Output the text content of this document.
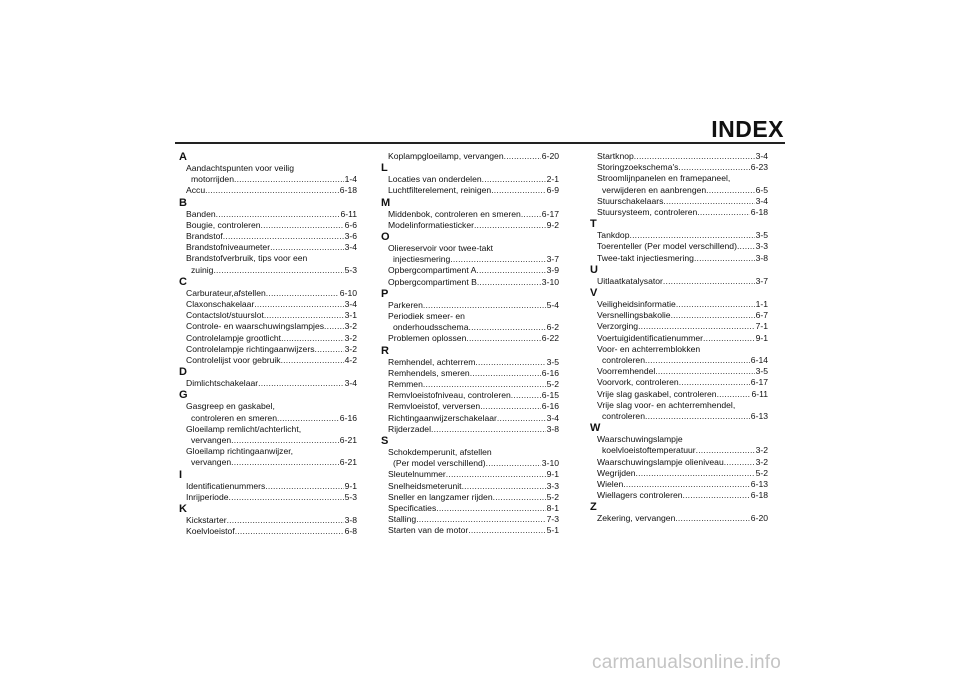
INDEX
A
Aandachtspunten voor veilig
motorrijden .....	1-4
Accu .....	6-18
B
Banden .....	6-11
Bougie, controleren .....	6-6
Brandstof .....	3-6
Brandstofniveaumeter .....	3-4
Brandstofverbruik, tips voor een
zuinig .....	5-3
C
Carburateur,afstellen .....	6-10
Claxonschakelaar .....	3-4
Contactslot/stuurslot .....	3-1
Controle- en waarschuwingslampjes ..... 3-2
Controlelampje grootlicht .....	3-2
Controlelampje richtingaanwijzers .....	3-2
Controlelijst voor gebruik .....	4-2
D
Dimlichtschakelaar .....	3-4
G
Gasgreep en gaskabel,
controleren en smeren .....	6-16
Gloeilamp remlicht/achterlicht,
vervangen .....	6-21
Gloeilamp richtingaanwijzer,
vervangen .....	6-21
I
Identificatienummers .....	9-1
Inrijperiode .....	5-3
K
Kickstarter .....	3-8
Koelvloeistof .....	6-8
Koplampgloeilamp, vervangen .....	6-20
L
Locaties van onderdelen .....	2-1
Luchtfilterelement, reinigen .....	6-9
M
Middenbok, controleren en smeren ..... 6-17
Modelinformatiesticker .....	9-2
O
Oliereservoir voor twee-takt
injectiesmering .....	3-7
Opbergcompartiment A .....	3-9
Opbergcompartiment B .....	3-10
P
Parkeren .....	5-4
Periodiek smeer- en
onderhoudsschema .....	6-2
Problemen oplossen .....	6-22
R
Remhendel, achterrem .....	3-5
Remhendels, smeren .....	6-16
Remmen .....	5-2
Remvloeistofniveau, controleren .....	6-15
Remvloeistof, verversen .....	6-16
Richtingaanwijzerschakelaar .....	3-4
Rijderzadel .....	3-8
S
Schokdemperunit, afstellen
(Per model verschillend) .....	3-10
Sleutelnummer .....	9-1
Snelheidsmeterunit .....	3-3
Sneller en langzamer rijden .....	5-2
Specificaties .....	8-1
Stalling .....	7-3
Starten van de motor .....	5-1
Startknop .....	3-4
Storingzoekschema's .....	6-23
Stroomlijnpanelen en framepaneel,
verwijderen en aanbrengen .....	6-5
Stuurschakelaars .....	3-4
Stuursysteem, controleren .....	6-18
T
Tankdop .....	3-5
Toerenteller (Per model verschillend) ..... 3-3
Twee-takt injectiesmering .....	3-8
U
Uitlaatkatalysator .....	3-7
V
Veiligheidsinformatie .....	1-1
Versnellingsbakolie .....	6-7
Verzorging .....	7-1
Voertuigidentificatienummer .....	9-1
Voor- en achterremblokken
controleren .....	6-14
Voorremhendel .....	3-5
Voorvork, controleren .....	6-17
Vrije slag gaskabel, controleren .....	6-11
Vrije slag voor- en achterremhendel,
controleren .....	6-13
W
Waarschuwingslampje
koelvloeistoftemperatuur .....	3-2
Waarschuwingslampje olieniveau .....	3-2
Wegrijden .....	5-2
Wielen .....	6-13
Wiellagers controleren .....	6-18
Z
Zekering, vervangen .....	6-20
carmanualsonline.info
